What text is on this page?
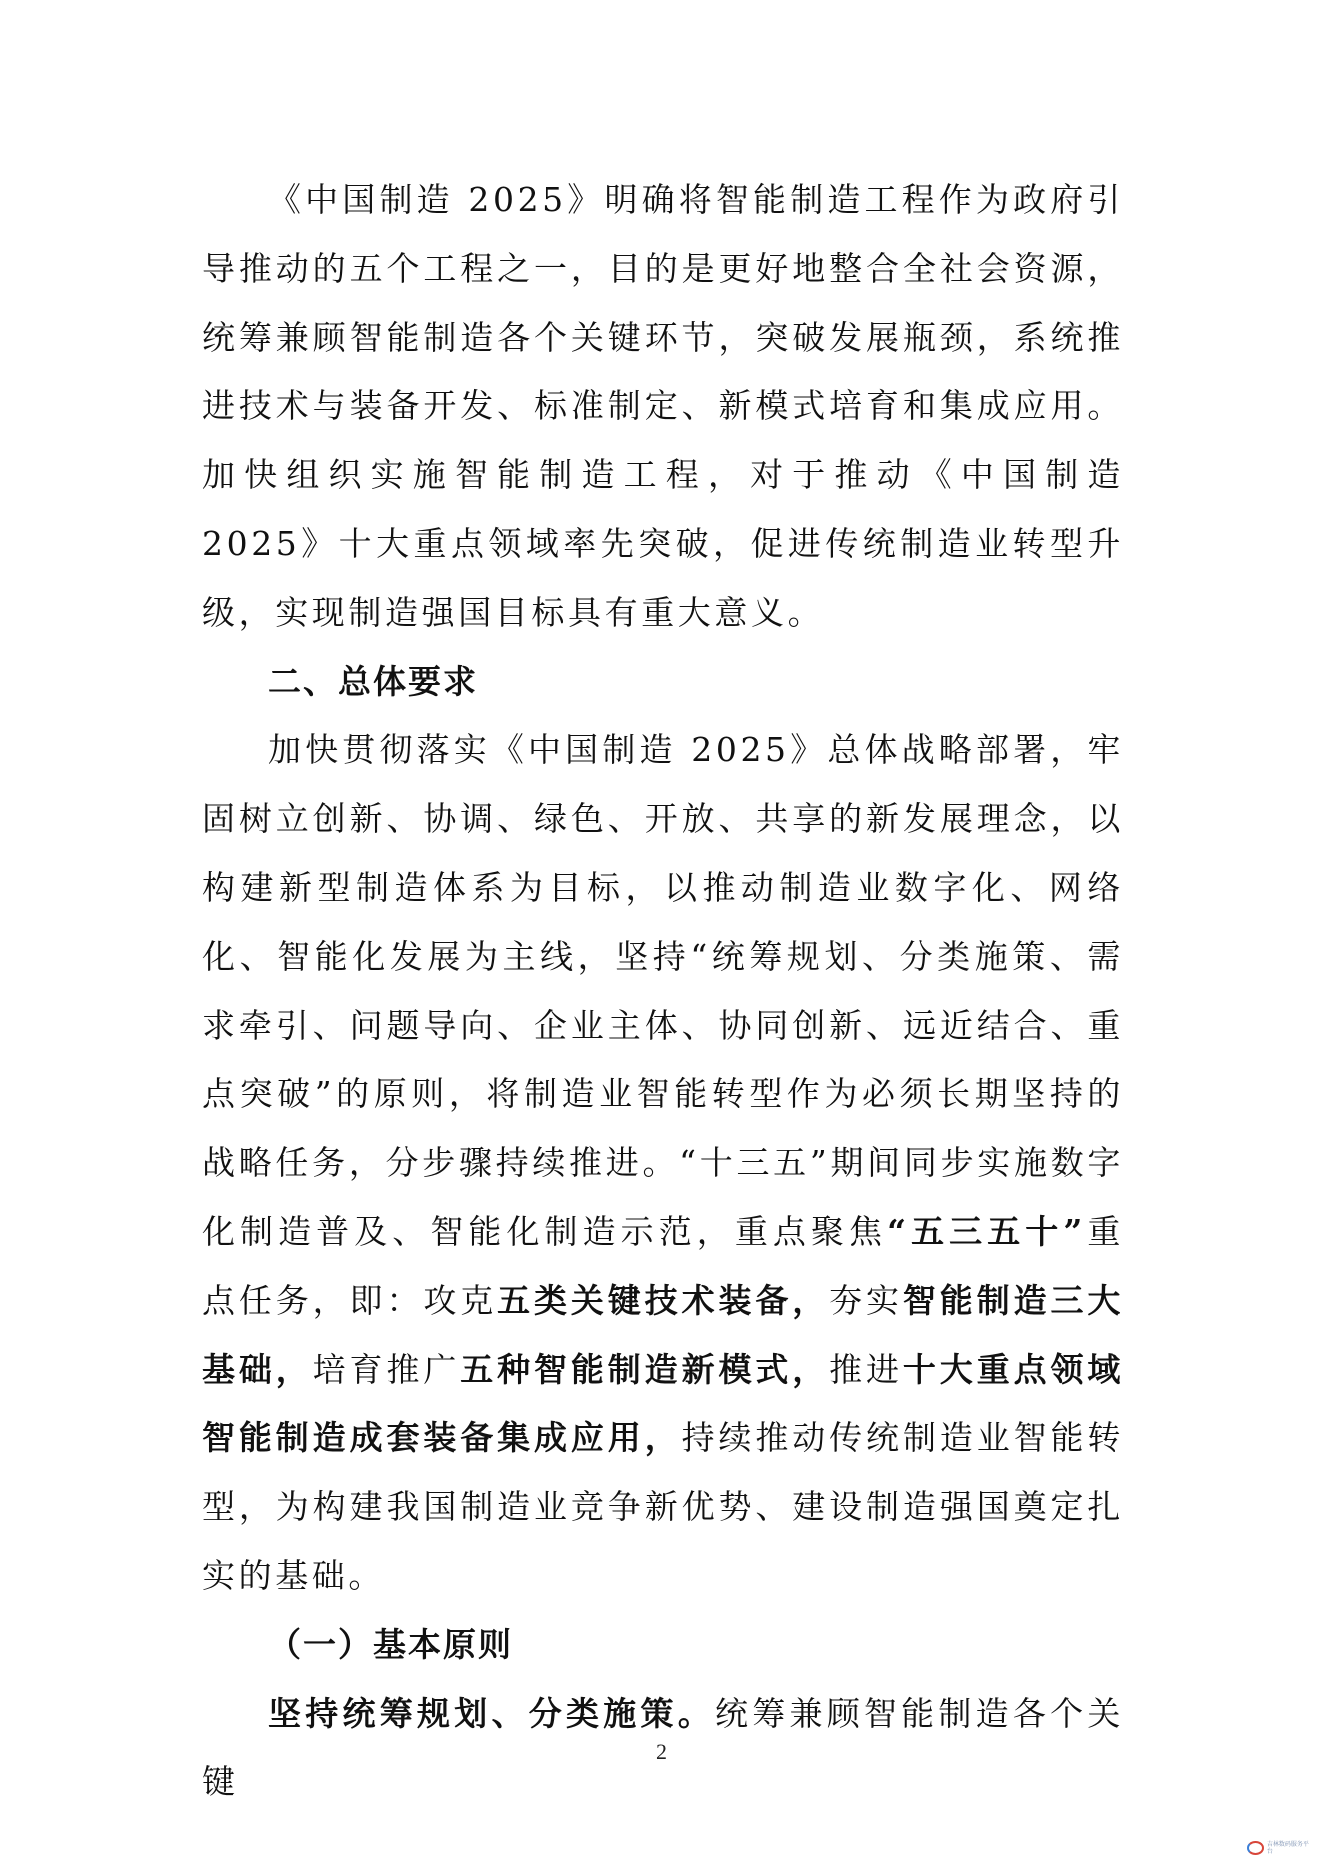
《中国制造 2025》明确将智能制造工程作为政府引导推动的五个工程之一，目的是更好地整合全社会资源，统筹兼顾智能制造各个关键环节，突破发展瓶颈，系统推进技术与装备开发、标准制定、新模式培育和集成应用。加快组织实施智能制造工程，对于推动《中国制造 2025》十大重点领域率先突破，促进传统制造业转型升级，实现制造强国目标具有重大意义。

二、总体要求

加快贯彻落实《中国制造 2025》总体战略部署，牢固树立创新、协调、绿色、开放、共享的新发展理念，以构建新型制造体系为目标，以推动制造业数字化、网络化、智能化发展为主线，坚持“统筹规划、分类施策、需求牵引、问题导向、企业主体、协同创新、远近结合、重点突破”的原则，将制造业智能转型作为必须长期坚持的战略任务，分步骤持续推进。“十三五”期间同步实施数字化制造普及、智能化制造示范，重点聚焦“五三五十”重点任务，即：攻克五类关键技术装备，夯实智能制造三大基础，培育推广五种智能制造新模式，推进十大重点领域智能制造成套装备集成应用，持续推动传统制造业智能转型，为构建我国制造业竞争新优势、建设制造强国奠定扎实的基础。

（一）基本原则

坚持统筹规划、分类施策。统筹兼顾智能制造各个关键

2
吉林数码服务平台
